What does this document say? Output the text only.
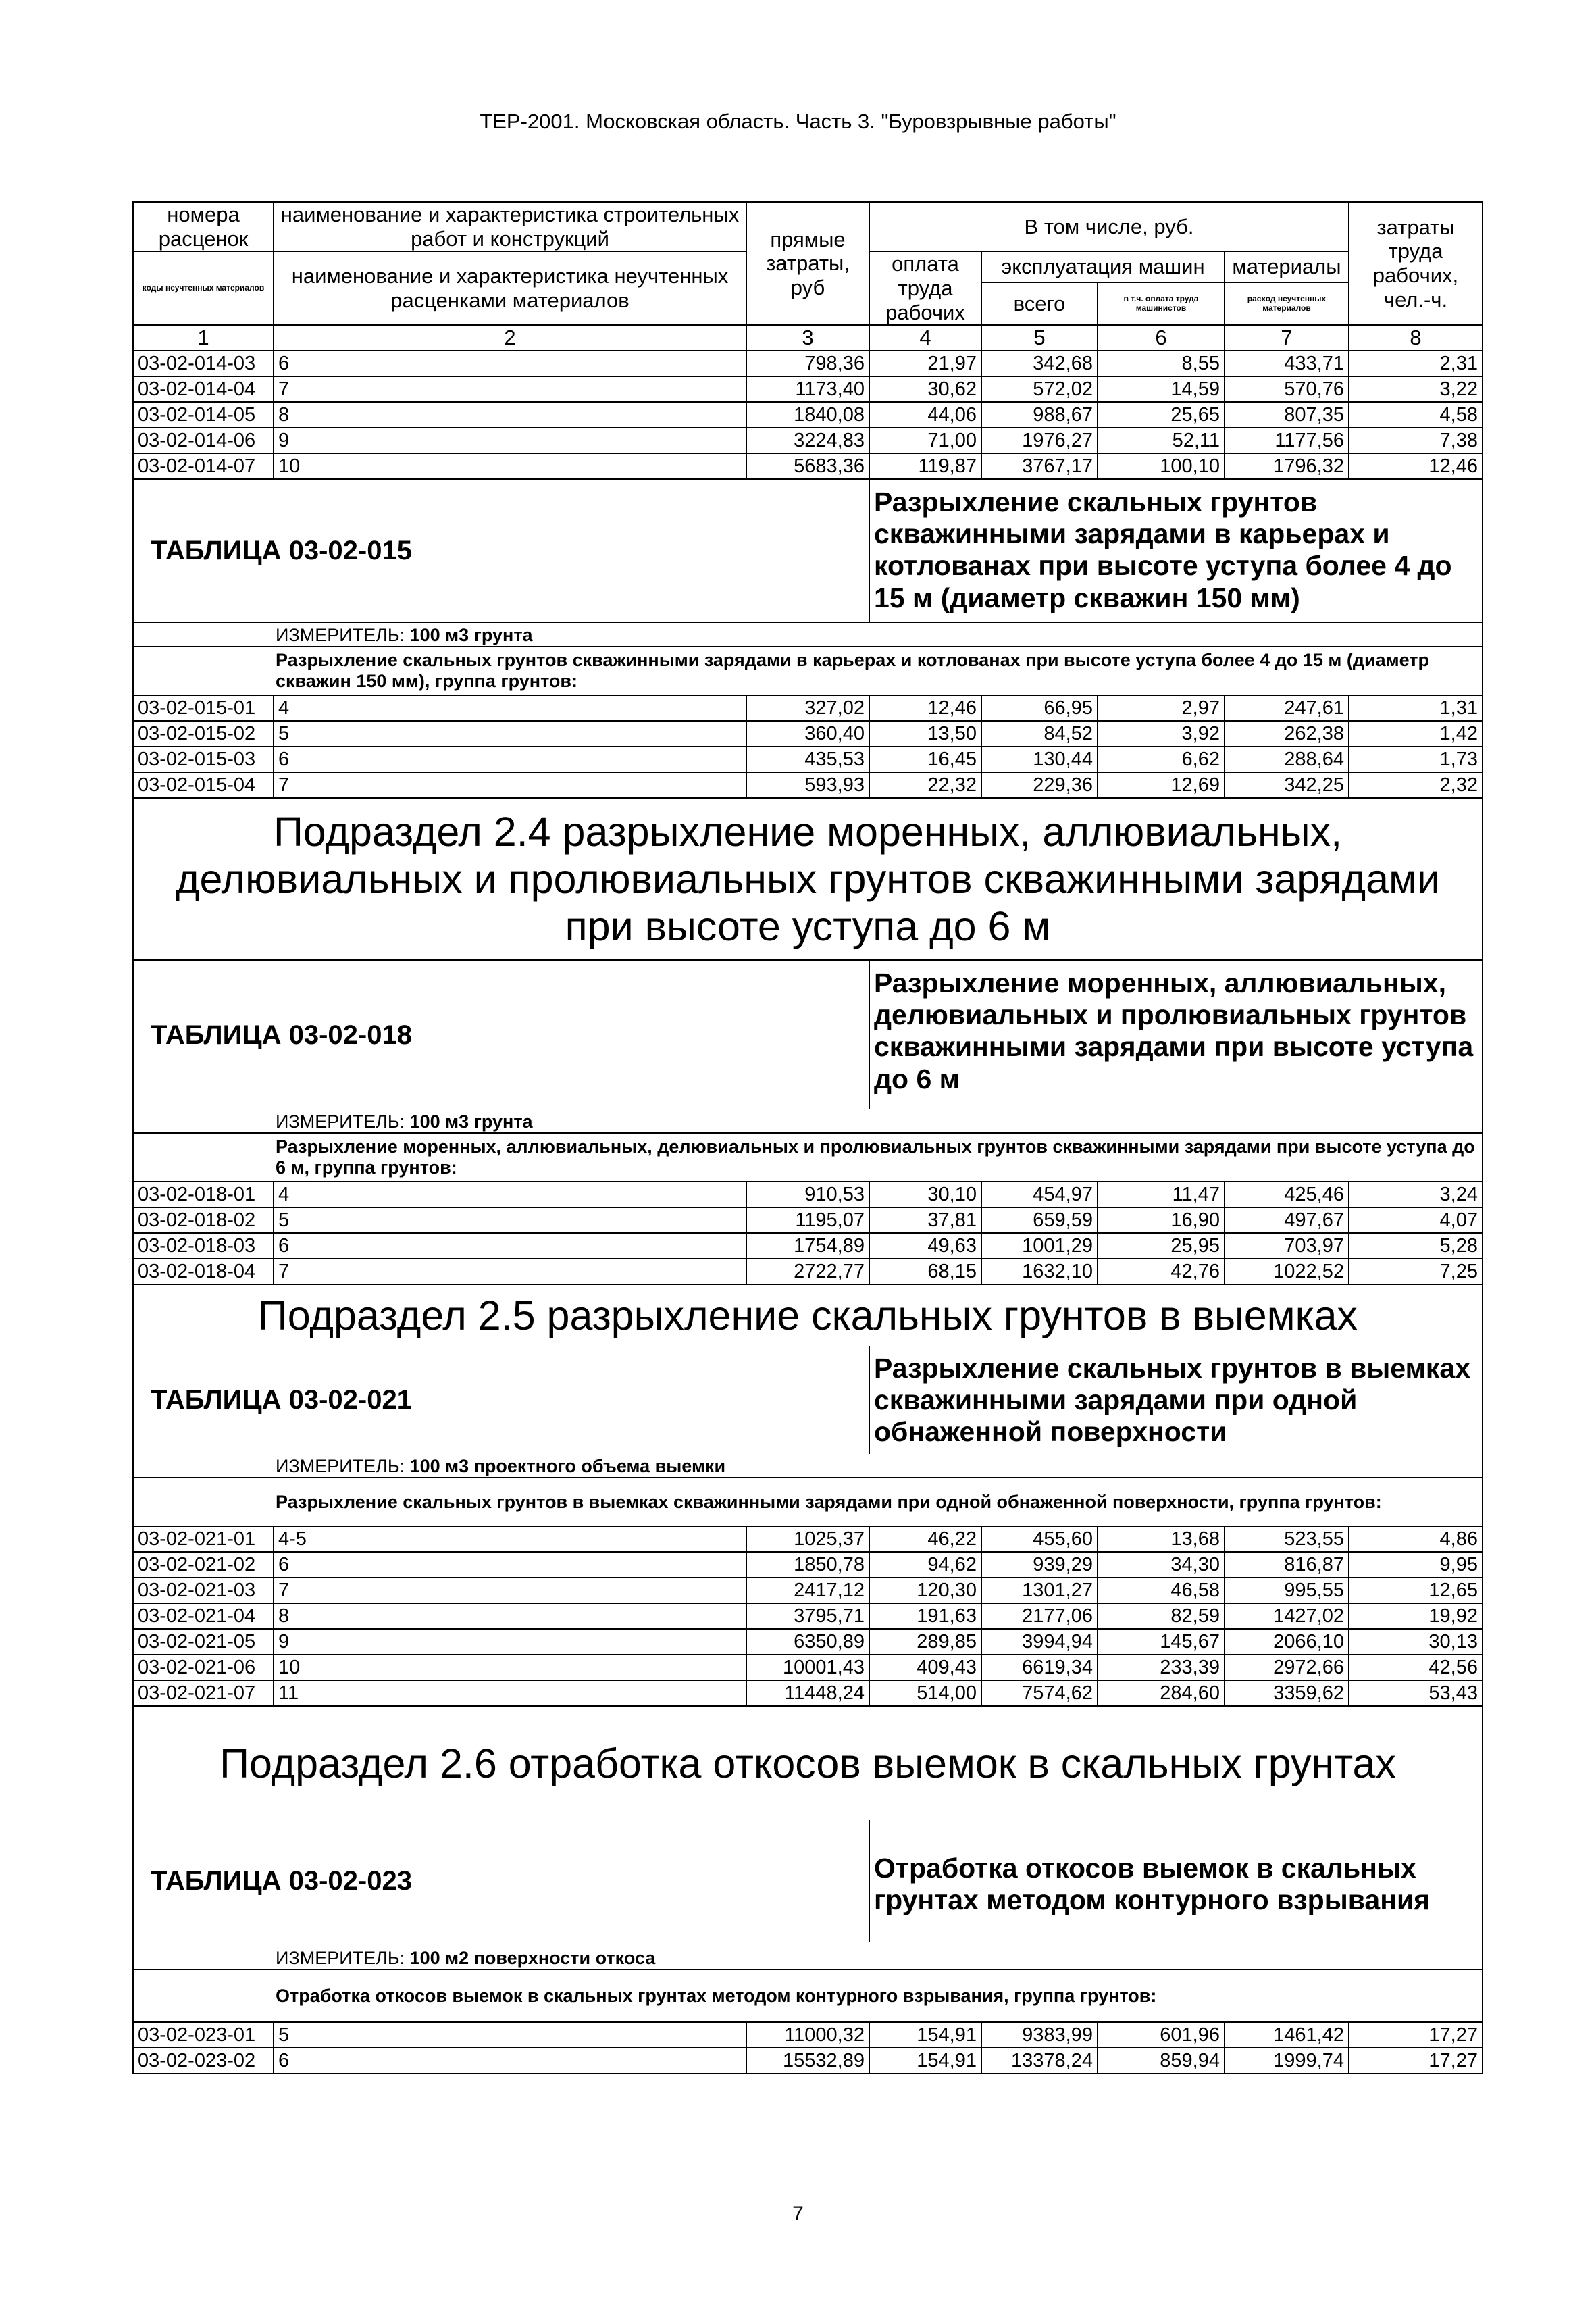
ТЕР-2001. Московская область. Часть 3. "Буровзрывные работы"
номера расценок	наименование и характеристика строительных работ и конструкций	прямые затраты, руб	В том числе, руб.				затраты труда рабочих, чел.-ч.
коды неучтенных материалов	наименование и характеристика неучтенных расценками материалов		оплата труда рабочих	эксплуатация машин		материалы	
				всего	в т.ч. оплата труда машинистов	расход неучтенных материалов	
1	2	3	4	5	6	7	8
03-02-014-03	6	798,36	21,97	342,68	8,55	433,71	2,31
03-02-014-04	7	1173,40	30,62	572,02	14,59	570,76	3,22
03-02-014-05	8	1840,08	44,06	988,67	25,65	807,35	4,58
03-02-014-06	9	3224,83	71,00	1976,27	52,11	1177,56	7,38
03-02-014-07	10	5683,36	119,87	3767,17	100,10	1796,32	12,46
ТАБЛИЦА 03-02-015			Разрыхление скальных грунтов скважинными зарядами в карьерах и котлованах при высоте уступа более 4 до 15 м (диаметр скважин 150 мм)				
ИЗМЕРИТЕЛЬ: 100 м3 грунта							
Разрыхление скальных грунтов скважинными зарядами в карьерах и котлованах при высоте уступа более 4 до 15 м (диаметр скважин 150 мм), группа грунтов:							
03-02-015-01	4	327,02	12,46	66,95	2,97	247,61	1,31
03-02-015-02	5	360,40	13,50	84,52	3,92	262,38	1,42
03-02-015-03	6	435,53	16,45	130,44	6,62	288,64	1,73
03-02-015-04	7	593,93	22,32	229,36	12,69	342,25	2,32
Подраздел 2.4 разрыхление моренных, аллювиальных, делювиальных и пролювиальных грунтов скважинными зарядами при высоте уступа до 6 м							
ТАБЛИЦА 03-02-018			Разрыхление моренных, аллювиальных, делювиальных и пролювиальных грунтов скважинными зарядами при высоте уступа до 6 м				
ИЗМЕРИТЕЛЬ: 100 м3 грунта							
Разрыхление моренных, аллювиальных, делювиальных и пролювиальных грунтов скважинными зарядами при высоте уступа до 6 м, группа грунтов:							
03-02-018-01	4	910,53	30,10	454,97	11,47	425,46	3,24
03-02-018-02	5	1195,07	37,81	659,59	16,90	497,67	4,07
03-02-018-03	6	1754,89	49,63	1001,29	25,95	703,97	5,28
03-02-018-04	7	2722,77	68,15	1632,10	42,76	1022,52	7,25
Подраздел 2.5 разрыхление скальных грунтов в выемках							
ТАБЛИЦА 03-02-021			Разрыхление скальных грунтов в выемках скважинными зарядами при одной обнаженной поверхности				
ИЗМЕРИТЕЛЬ: 100 м3 проектного объема выемки							
Разрыхление скальных грунтов в выемках скважинными зарядами при одной обнаженной поверхности, группа грунтов:							
03-02-021-01	4-5	1025,37	46,22	455,60	13,68	523,55	4,86
03-02-021-02	6	1850,78	94,62	939,29	34,30	816,87	9,95
03-02-021-03	7	2417,12	120,30	1301,27	46,58	995,55	12,65
03-02-021-04	8	3795,71	191,63	2177,06	82,59	1427,02	19,92
03-02-021-05	9	6350,89	289,85	3994,94	145,67	2066,10	30,13
03-02-021-06	10	10001,43	409,43	6619,34	233,39	2972,66	42,56
03-02-021-07	11	11448,24	514,00	7574,62	284,60	3359,62	53,43
Подраздел 2.6 отработка откосов выемок в скальных грунтах							
ТАБЛИЦА 03-02-023			Отработка откосов выемок в скальных грунтах методом контурного взрывания				
ИЗМЕРИТЕЛЬ: 100 м2 поверхности откоса							
Отработка откосов выемок в скальных грунтах методом контурного взрывания, группа грунтов:							
03-02-023-01	5	11000,32	154,91	9383,99	601,96	1461,42	17,27
03-02-023-02	6	15532,89	154,91	13378,24	859,94	1999,74	17,27
7
